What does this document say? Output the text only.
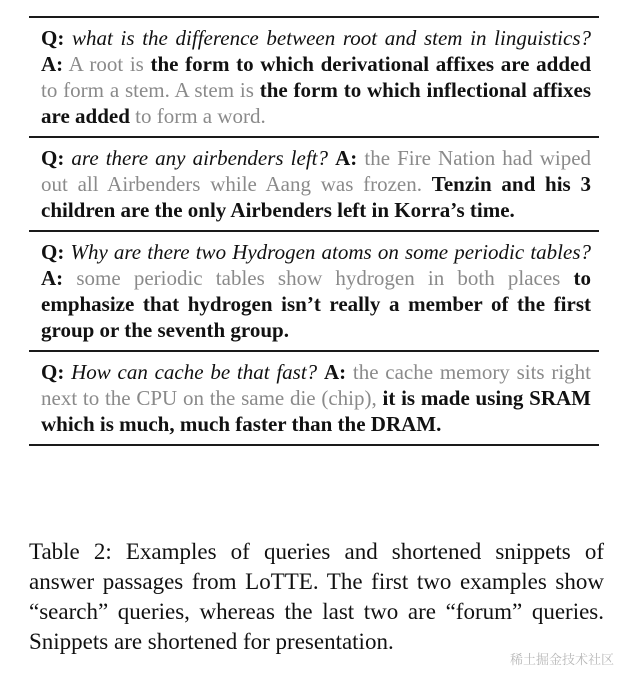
Q: what is the difference between root and stem in linguistics? A: A root is the form to which derivational affixes are added to form a stem. A stem is the form to which inflectional affixes are added to form a word.
Q: are there any airbenders left? A: the Fire Nation had wiped out all Airbenders while Aang was frozen. Tenzin and his 3 children are the only Airbenders left in Korra’s time.
Q: Why are there two Hydrogen atoms on some periodic tables? A: some periodic tables show hydrogen in both places to emphasize that hydrogen isn’t really a member of the first group or the seventh group.
Q: How can cache be that fast? A: the cache memory sits right next to the CPU on the same die (chip), it is made using SRAM which is much, much faster than the DRAM.
Table 2: Examples of queries and shortened snippets of answer passages from LoTTE. The first two examples show “search” queries, whereas the last two are “forum” queries. Snippets are shortened for presentation.
稀土掘金技术社区
